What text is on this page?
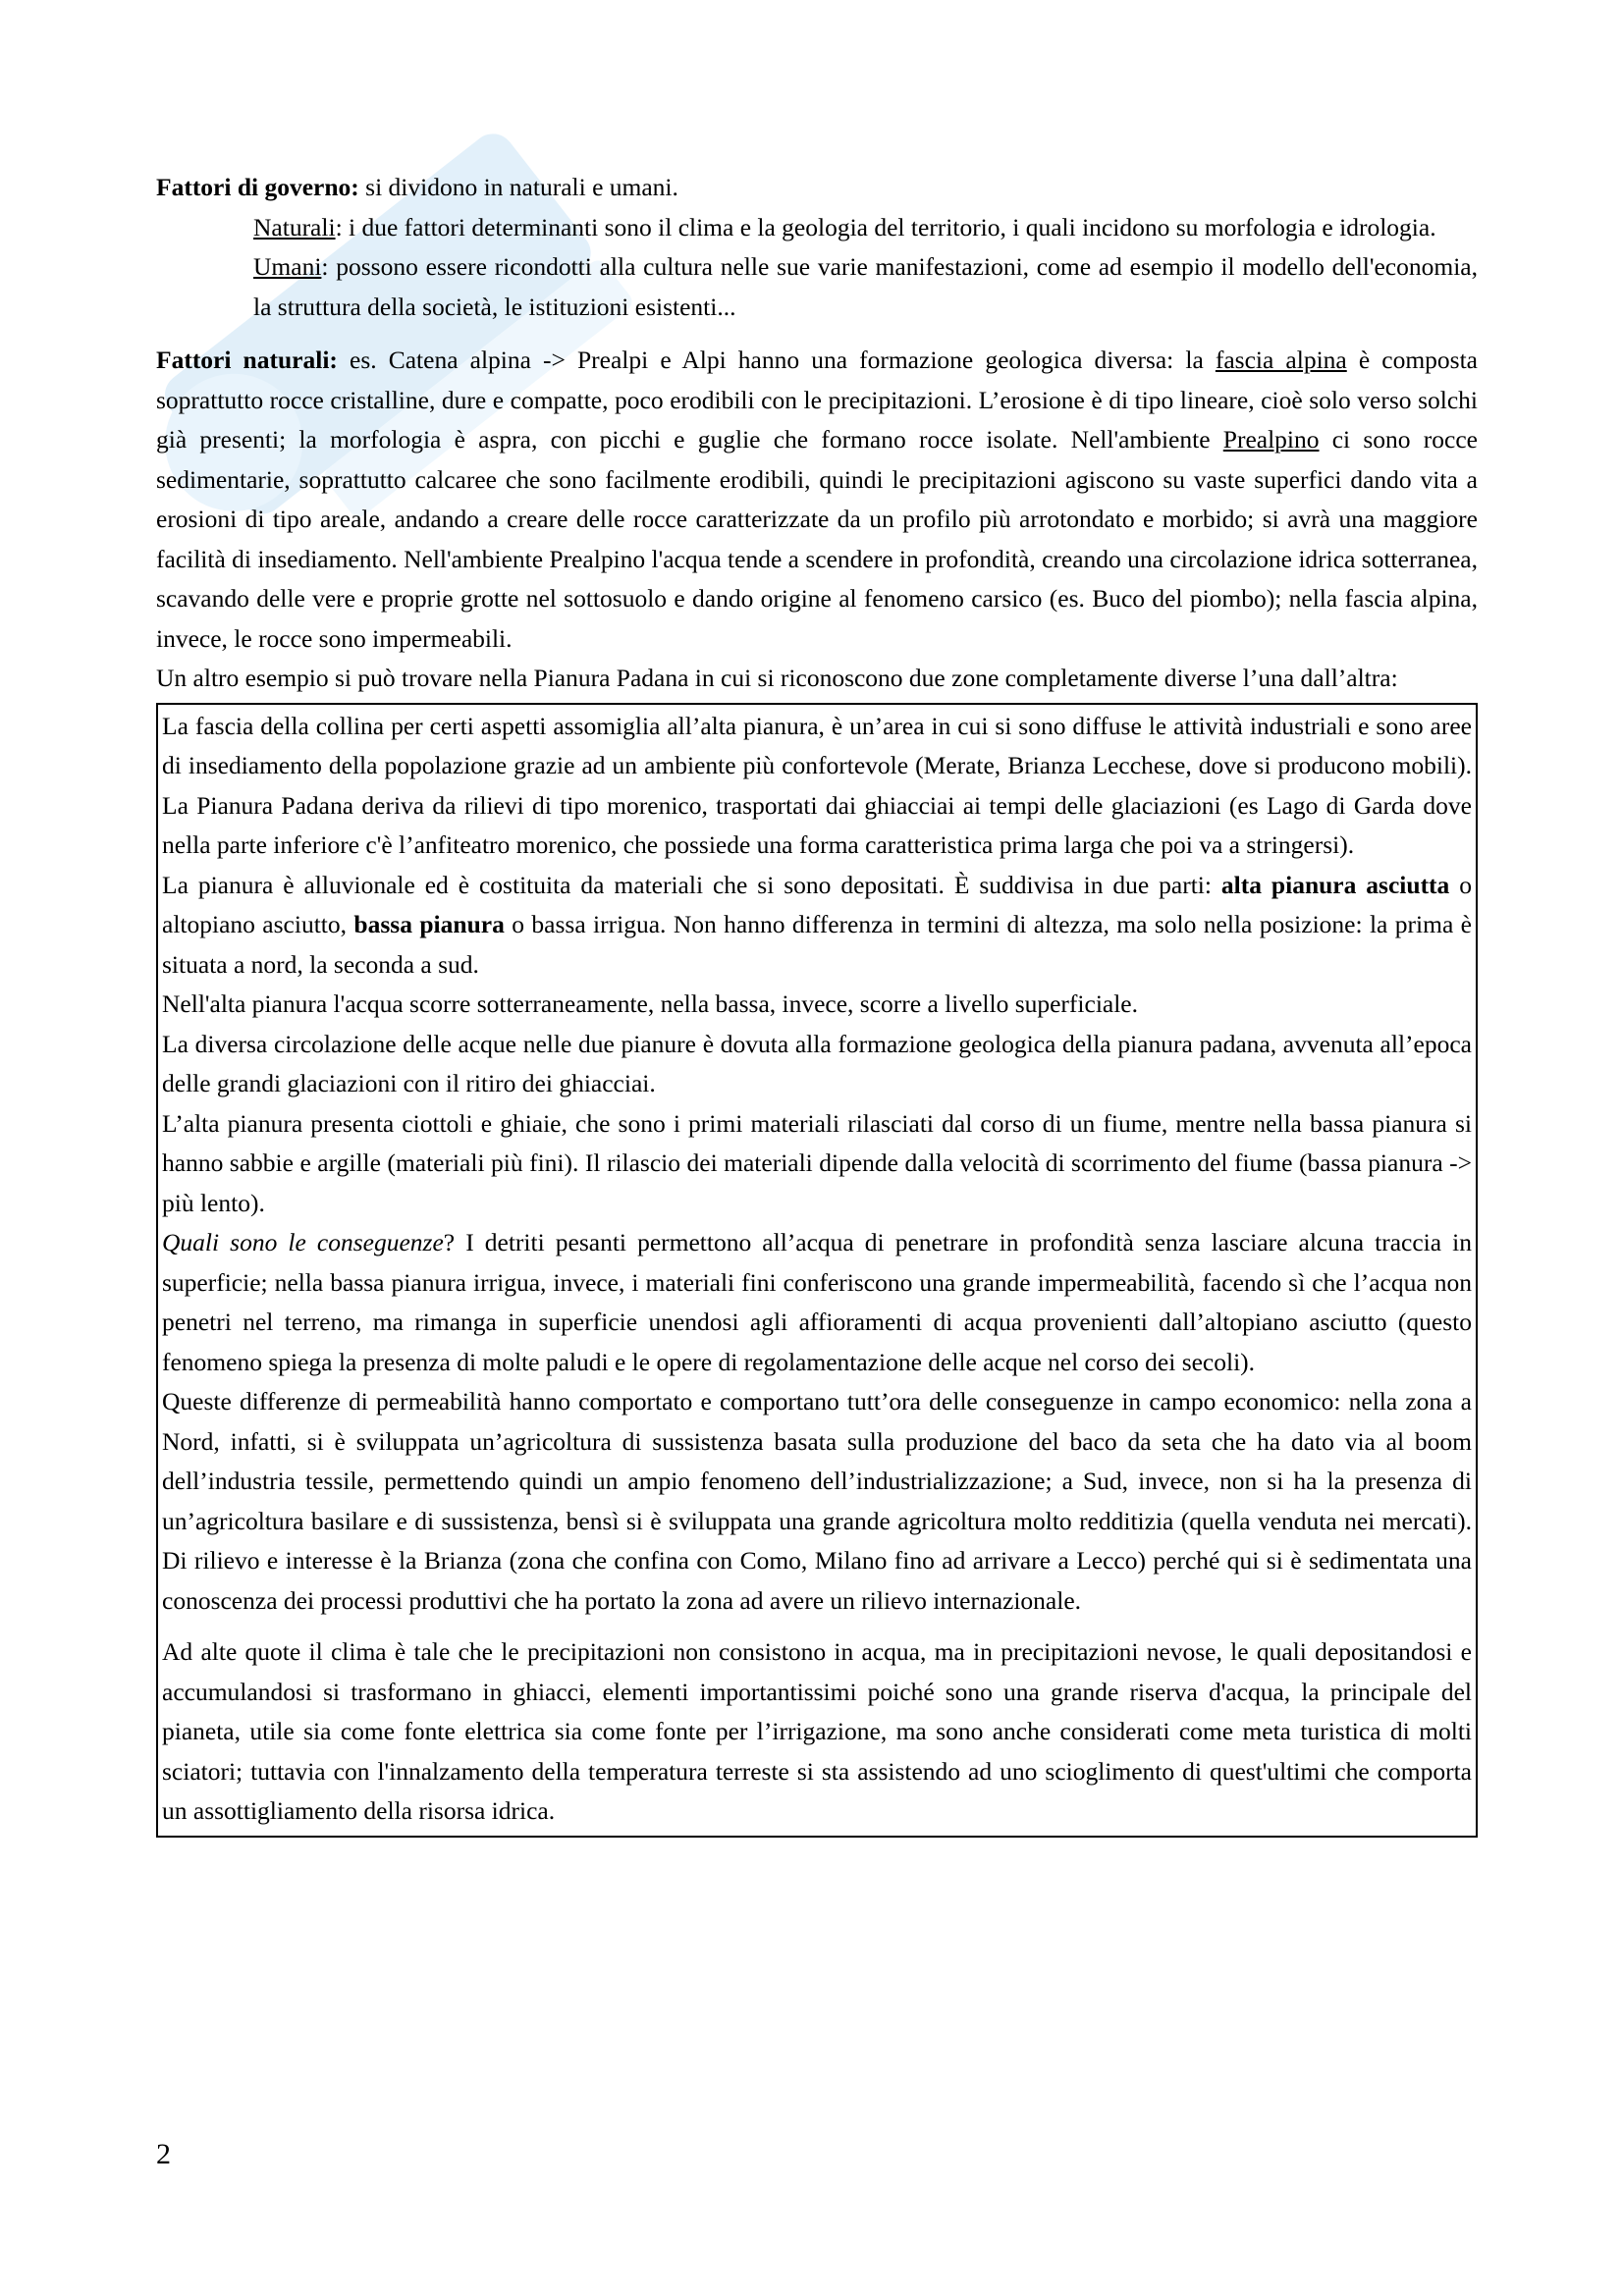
Fattori di governo: si dividono in naturali e umani.

Naturali: i due fattori determinanti sono il clima e la geologia del territorio, i quali incidono su morfologia e idrologia.

Umani: possono essere ricondotti alla cultura nelle sue varie manifestazioni, come ad esempio il modello dell'economia, la struttura della società, le istituzioni esistenti...

Fattori naturali: es. Catena alpina -> Prealpi e Alpi hanno una formazione geologica diversa: la fascia alpina è composta soprattutto rocce cristalline, dure e compatte, poco erodibili con le precipitazioni. L’erosione è di tipo lineare, cioè solo verso solchi già presenti; la morfologia è aspra, con picchi e guglie che formano rocce isolate. Nell'ambiente Prealpino ci sono rocce sedimentarie, soprattutto calcaree che sono facilmente erodibili, quindi le precipitazioni agiscono su vaste superfici dando vita a erosioni di tipo areale, andando a creare delle rocce caratterizzate da un profilo più arrotondato e morbido; si avrà una maggiore facilità di insediamento. Nell'ambiente Prealpino l'acqua tende a scendere in profondità, creando una circolazione idrica sotterranea, scavando delle vere e proprie grotte nel sottosuolo e dando origine al fenomeno carsico (es. Buco del piombo); nella fascia alpina, invece, le rocce sono impermeabili.

Un altro esempio si può trovare nella Pianura Padana in cui si riconoscono due zone completamente diverse l’una dall’altra:

La fascia della collina per certi aspetti assomiglia all’alta pianura, è un’area in cui si sono diffuse le attività industriali e sono aree di insediamento della popolazione grazie ad un ambiente più confortevole (Merate, Brianza Lecchese, dove si producono mobili). La Pianura Padana deriva da rilievi di tipo morenico, trasportati dai ghiacciai ai tempi delle glaciazioni (es Lago di Garda dove nella parte inferiore c'è l’anfiteatro morenico, che possiede una forma caratteristica prima larga che poi va a stringersi).

La pianura è alluvionale ed è costituita da materiali che si sono depositati. È suddivisa in due parti: alta pianura asciutta o altopiano asciutto, bassa pianura o bassa irrigua. Non hanno differenza in termini di altezza, ma solo nella posizione: la prima è situata a nord, la seconda a sud.

Nell'alta pianura l'acqua scorre sotterraneamente, nella bassa, invece, scorre a livello superficiale.

La diversa circolazione delle acque nelle due pianure è dovuta alla formazione geologica della pianura padana, avvenuta all’epoca delle grandi glaciazioni con il ritiro dei ghiacciai.

L’alta pianura presenta ciottoli e ghiaie, che sono i primi materiali rilasciati dal corso di un fiume, mentre nella bassa pianura si hanno sabbie e argille (materiali più fini). Il rilascio dei materiali dipende dalla velocità di scorrimento del fiume (bassa pianura -> più lento).

Quali sono le conseguenze? I detriti pesanti permettono all’acqua di penetrare in profondità senza lasciare alcuna traccia in superficie; nella bassa pianura irrigua, invece, i materiali fini conferiscono una grande impermeabilità, facendo sì che l’acqua non penetri nel terreno, ma rimanga in superficie unendosi agli affioramenti di acqua provenienti dall’altopiano asciutto (questo fenomeno spiega la presenza di molte paludi e le opere di regolamentazione delle acque nel corso dei secoli).

Queste differenze di permeabilità hanno comportato e comportano tutt’ora delle conseguenze in campo economico: nella zona a Nord, infatti, si è sviluppata un’agricoltura di sussistenza basata sulla produzione del baco da seta che ha dato via al boom dell’industria tessile, permettendo quindi un ampio fenomeno dell’industrializzazione; a Sud, invece, non si ha la presenza di un’agricoltura basilare e di sussistenza, bensì si è sviluppata una grande agricoltura molto redditizia (quella venduta nei mercati). Di rilievo e interesse è la Brianza (zona che confina con Como, Milano fino ad arrivare a Lecco) perché qui si è sedimentata una conoscenza dei processi produttivi che ha portato la zona ad avere un rilievo internazionale.

Ad alte quote il clima è tale che le precipitazioni non consistono in acqua, ma in precipitazioni nevose, le quali depositandosi e accumulandosi si trasformano in ghiacci, elementi importantissimi poiché sono una grande riserva d'acqua, la principale del pianeta, utile sia come fonte elettrica sia come fonte per l’irrigazione, ma sono anche considerati come meta turistica di molti sciatori; tuttavia con l'innalzamento della temperatura terreste si sta assistendo ad uno scioglimento di quest'ultimi che comporta un assottigliamento della risorsa idrica.

2
